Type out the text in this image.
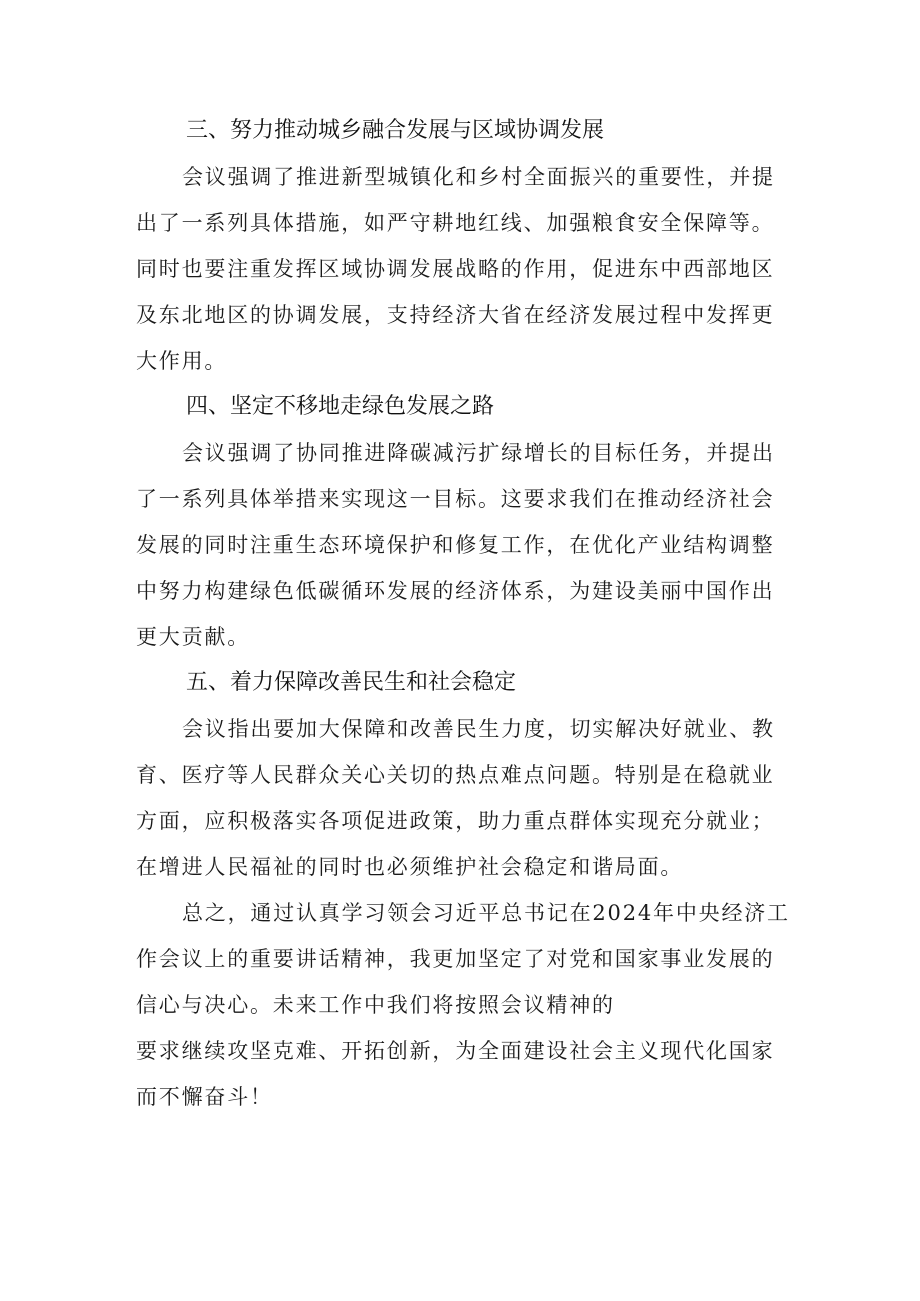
三、努力推动城乡融合发展与区域协调发展

会议强调了推进新型城镇化和乡村全面振兴的重要性，并提
出了一系列具体措施，如严守耕地红线、加强粮食安全保障等。
同时也要注重发挥区域协调发展战略的作用，促进东中西部地区
及东北地区的协调发展，支持经济大省在经济发展过程中发挥更
大作用。

四、坚定不移地走绿色发展之路

会议强调了协同推进降碳减污扩绿增长的目标任务，并提出
了一系列具体举措来实现这一目标。这要求我们在推动经济社会
发展的同时注重生态环境保护和修复工作，在优化产业结构调整
中努力构建绿色低碳循环发展的经济体系，为建设美丽中国作出
更大贡献。

五、着力保障改善民生和社会稳定

会议指出要加大保障和改善民生力度，切实解决好就业、教
育、医疗等人民群众关心关切的热点难点问题。特别是在稳就业
方面，应积极落实各项促进政策，助力重点群体实现充分就业；
在增进人民福祉的同时也必须维护社会稳定和谐局面。

总之，通过认真学习领会习近平总书记在2024年中央经济工
作会议上的重要讲话精神，我更加坚定了对党和国家事业发展的
信心与决心。未来工作中我们将按照会议精神的
要求继续攻坚克难、开拓创新，为全面建设社会主义现代化国家
而不懈奋斗！
